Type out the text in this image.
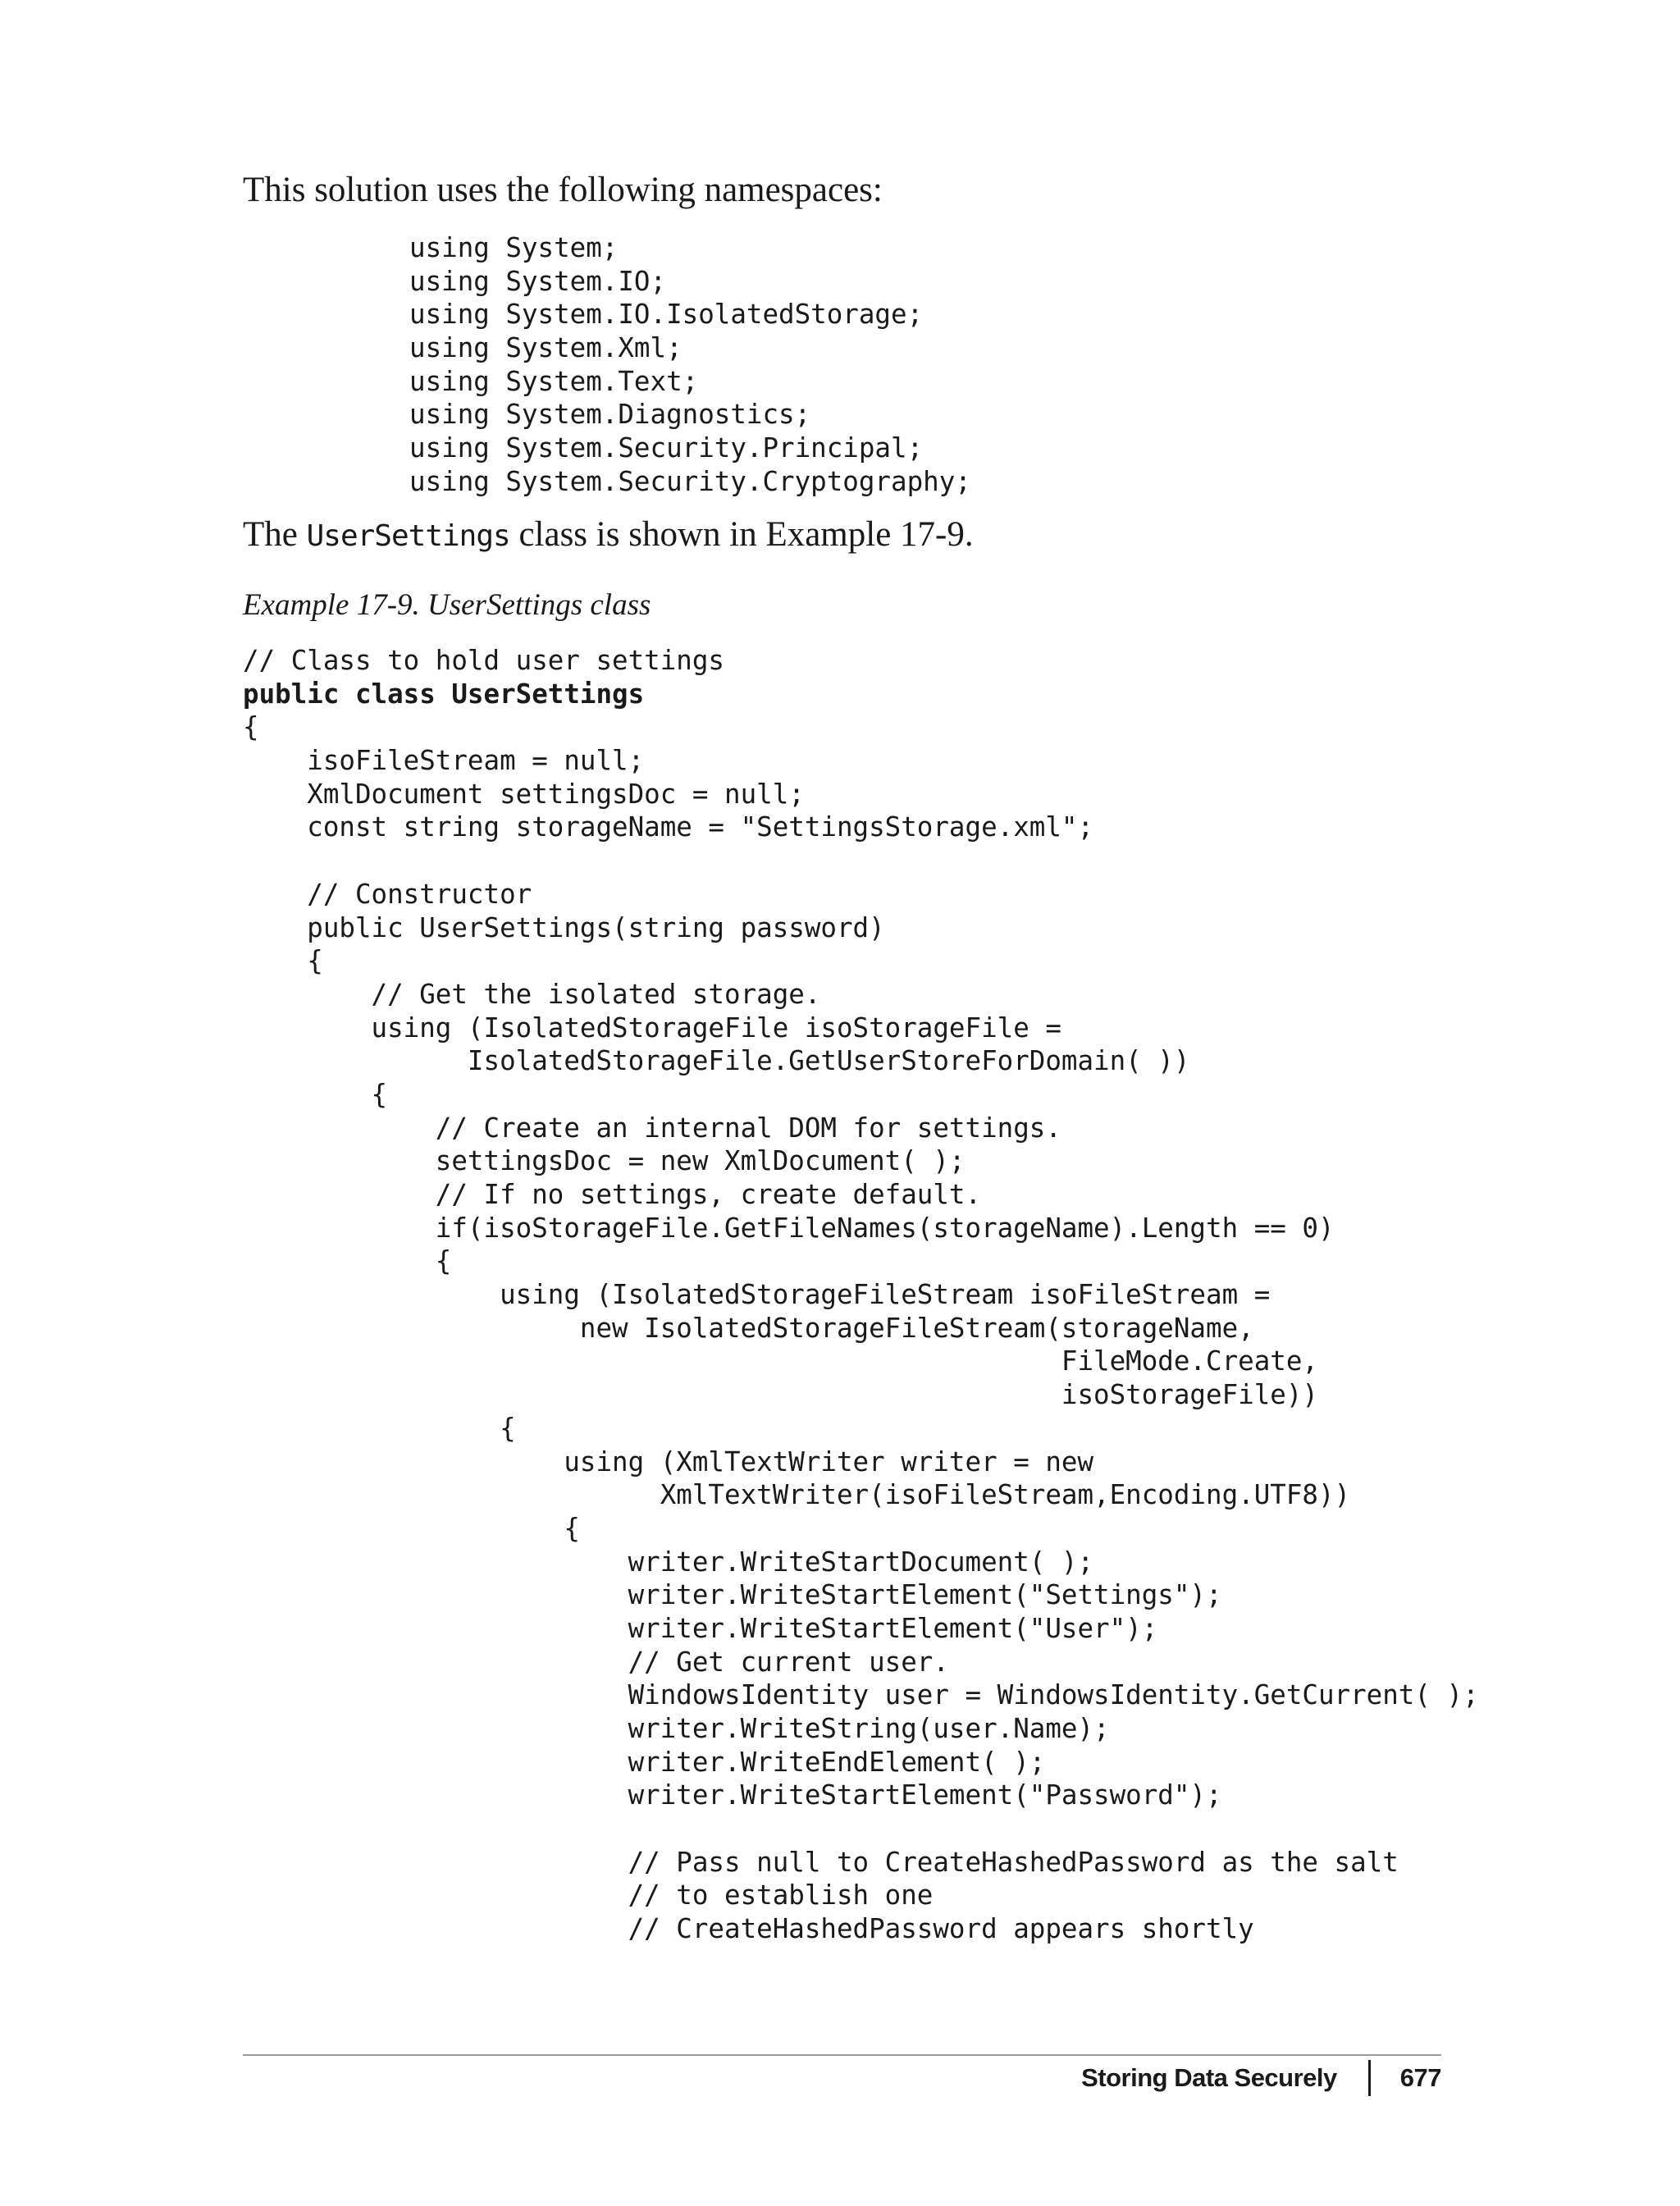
This solution uses the following namespaces:

using System;
using System.IO;
using System.IO.IsolatedStorage;
using System.Xml;
using System.Text;
using System.Diagnostics;
using System.Security.Principal;
using System.Security.Cryptography;

The UserSettings class is shown in Example 17-9.

Example 17-9. UserSettings class

// Class to hold user settings
public class UserSettings
{
isoFileStream = null;
XmlDocument settingsDoc = null;
const string storageName = "SettingsStorage.xml";
// Constructor
public UserSettings(string password)
{
// Get the isolated storage.
using (IsolatedStorageFile isoStorageFile =
IsolatedStorageFile.GetUserStoreForDomain( ))
{
// Create an internal DOM for settings.
settingsDoc = new XmlDocument( );
// If no settings, create default.
if(isoStorageFile.GetFileNames(storageName).Length == 0)
{
using (IsolatedStorageFileStream isoFileStream =
new IsolatedStorageFileStream(storageName,
FileMode.Create,
isoStorageFile))
{
using (XmlTextWriter writer = new
XmlTextWriter(isoFileStream,Encoding.UTF8))
{
writer.WriteStartDocument( );
writer.WriteStartElement("Settings");
writer.WriteStartElement("User");
// Get current user.
WindowsIdentity user = WindowsIdentity.GetCurrent( );
writer.WriteString(user.Name);
writer.WriteEndElement( );
writer.WriteStartElement("Password");
// Pass null to CreateHashedPassword as the salt
// to establish one
// CreateHashedPassword appears shortly
Storing Data Securely 677
